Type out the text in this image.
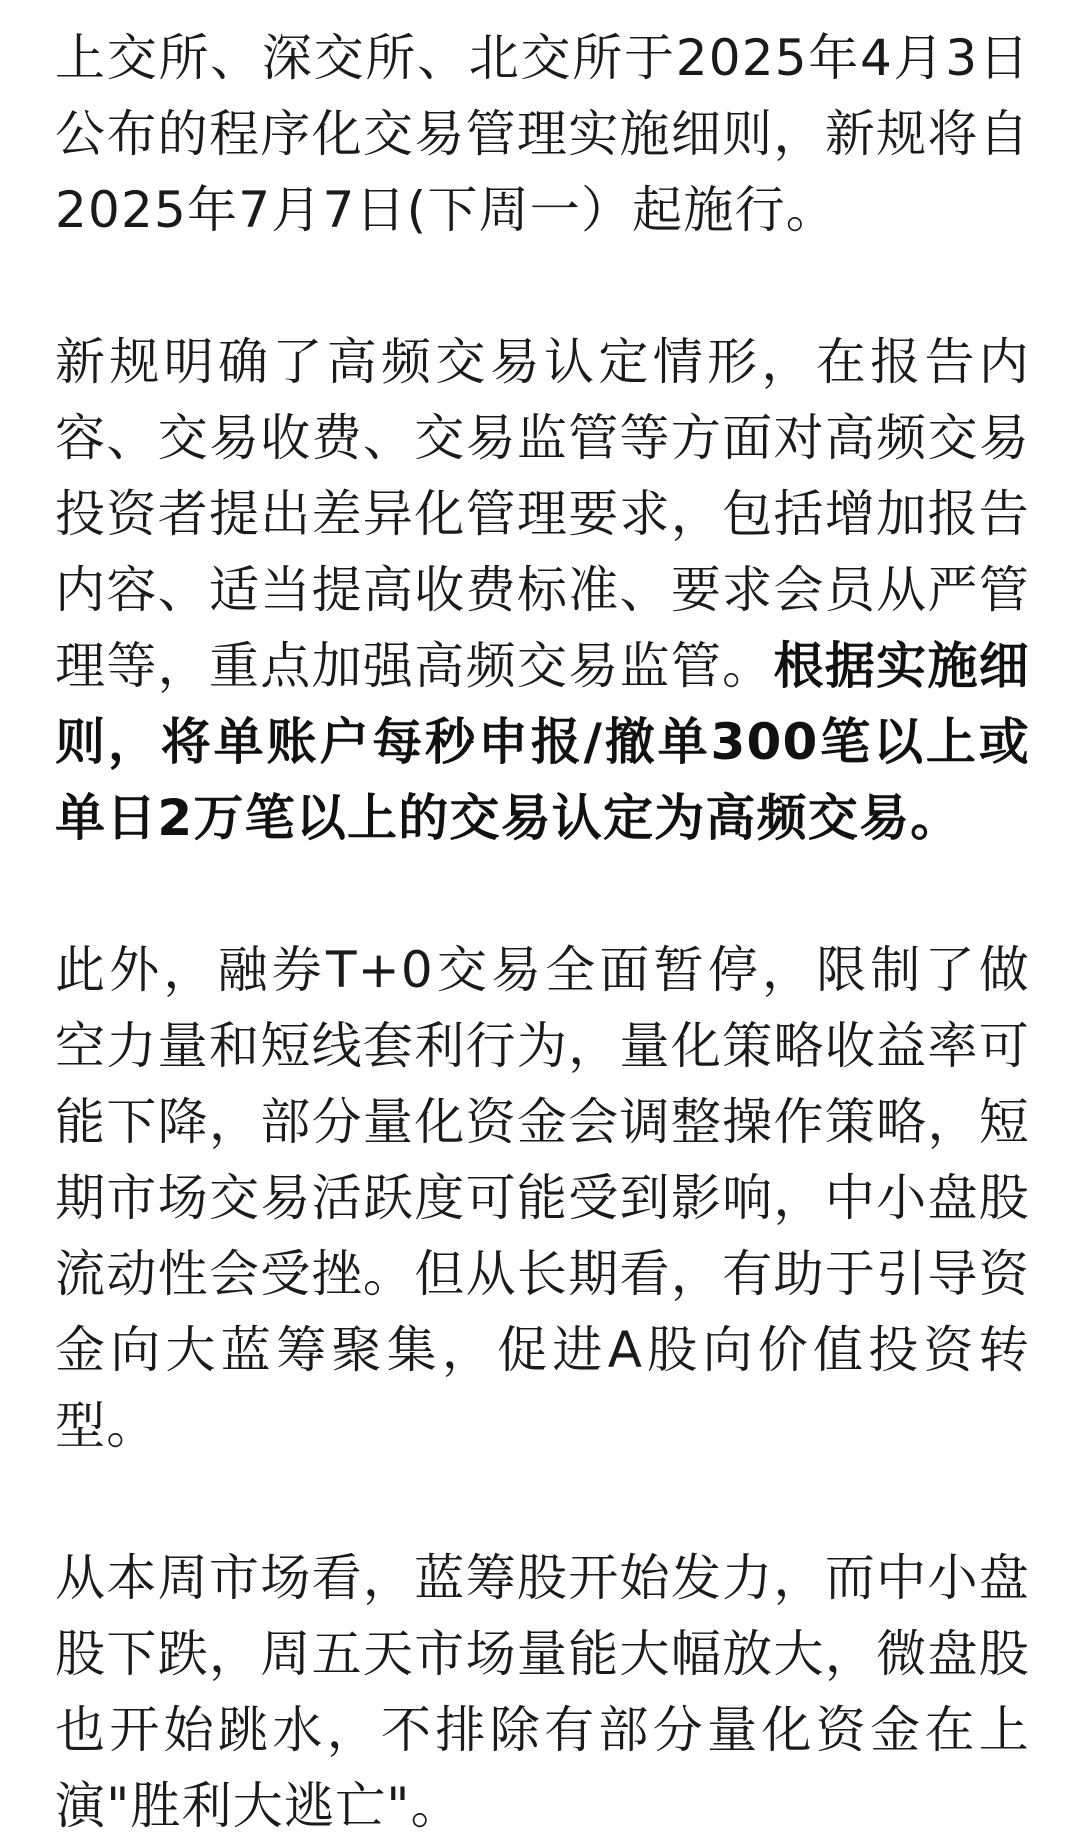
上交所、深交所、北交所于2025年4月3日公布的程序化交易管理实施细则，新规将自2025年7月7日(下周一）起施行。

新规明确了高频交易认定情形，在报告内容、交易收费、交易监管等方面对高频交易投资者提出差异化管理要求，包括增加报告内容、适当提高收费标准、要求会员从严管理等，重点加强高频交易监管。根据实施细则，将单账户每秒申报/撤单300笔以上或单日2万笔以上的交易认定为高频交易。

此外，融券T+0交易全面暂停，限制了做空力量和短线套利行为，量化策略收益率可能下降，部分量化资金会调整操作策略，短期市场交易活跃度可能受到影响，中小盘股流动性会受挫。但从长期看，有助于引导资金向大蓝筹聚集，促进A股向价值投资转型。

从本周市场看，蓝筹股开始发力，而中小盘股下跌，周五天市场量能大幅放大，微盘股也开始跳水，不排除有部分量化资金在上演"胜利大逃亡"。
